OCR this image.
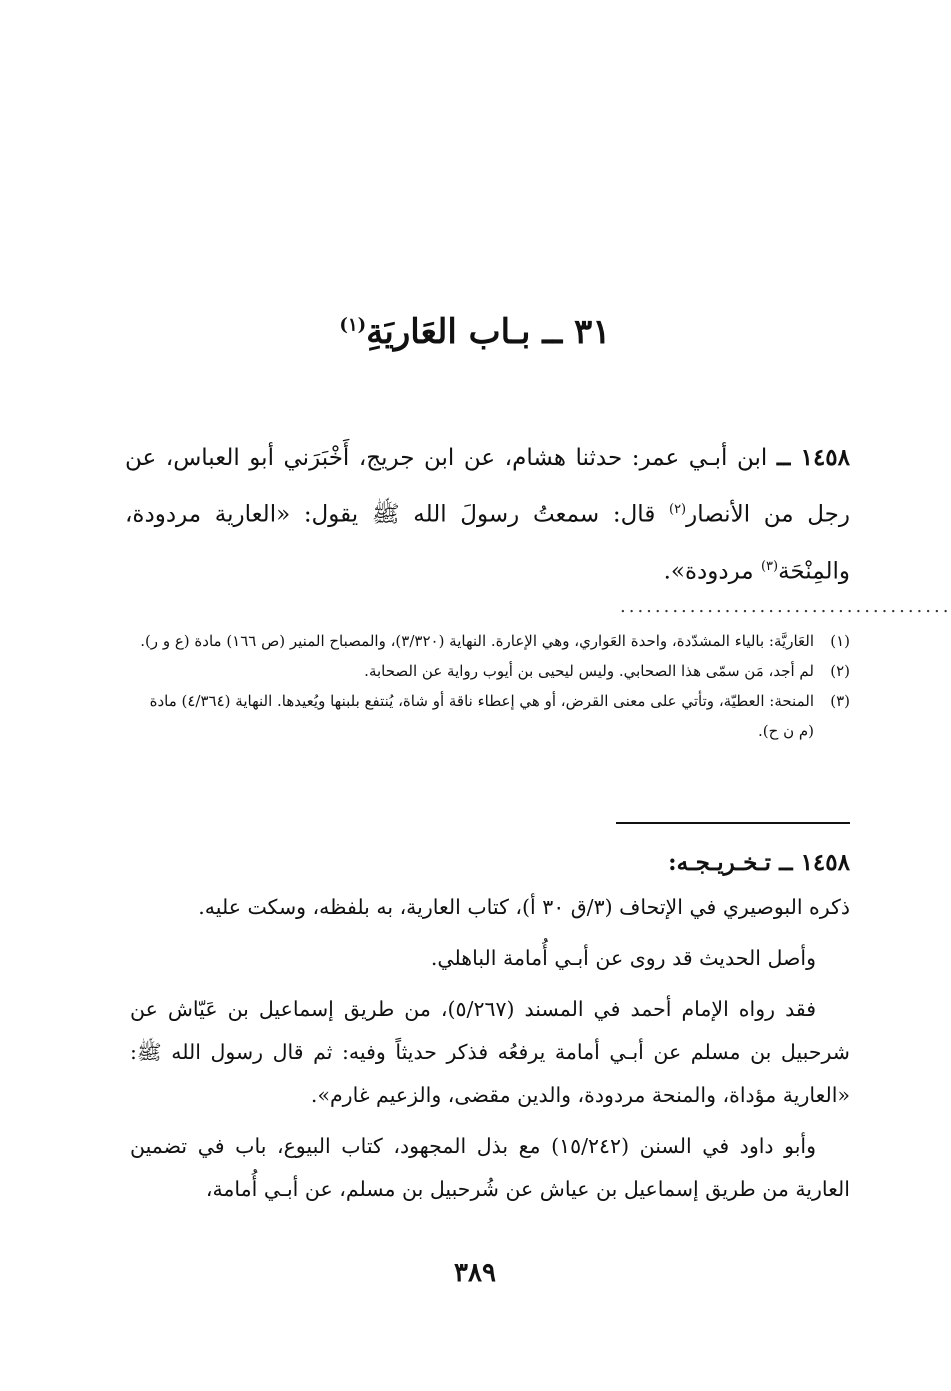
٣١ ــ بـاب العَاريَةِ$^{(١)}$
١٤٥٨ ــ ابن أبـي عمر: حدثنا هشام، عن ابن جريج، أَخْبَرَني أبو العباس، عن رجل من الأنصار$^{(٢)}$ قال: سمعتُ رسولَ الله ﷺ يقول: «العارية مردودة، والمِنْحَة$^{(٣)}$ مردودة».
......................................
(١)
العَاريَّة: بالياء المشدّدة، واحدة العَواري، وهي الإعارة. النهاية (٣/٣٢٠)، والمصباح المنير (ص ١٦٦) مادة (ع و ر).
(٢)
لم أجد، مَن سمّى هذا الصحابي. وليس ليحيى بن أيوب رواية عن الصحابة.
(٣)
المنحة: العطيّة، وتأتي على معنى القرض، أو هي إعطاء ناقة أو شاة، يُنتفع بلبنها ويُعيدها. النهاية (٤/٣٦٤) مادة (م ن ح).
١٤٥٨ ــ تـخـريـجـه:

ذكره البوصيري في الإتحاف (٣/ق ٣٠ أ)، كتاب العارية، به بلفظه، وسكت عليه.

وأصل الحديث قد روى عن أبـي أُمامة الباهلي.

فقد رواه الإمام أحمد في المسند (٥/٢٦٧)، من طريق إسماعيل بن عَيّاش عن شرحبيل بن مسلم عن أبـي أمامة يرفعُه فذكر حديثاً وفيه: ثم قال رسول الله ﷺ: «العارية مؤداة، والمنحة مردودة، والدين مقضى، والزعيم غارم».

وأبو داود في السنن (١٥/٢٤٢) مع بذل المجهود، كتاب البيوع، باب في تضمين العارية من طريق إسماعيل بن عياش عن شُرحبيل بن مسلم، عن أبـي أُمامة،

٣٨٩
